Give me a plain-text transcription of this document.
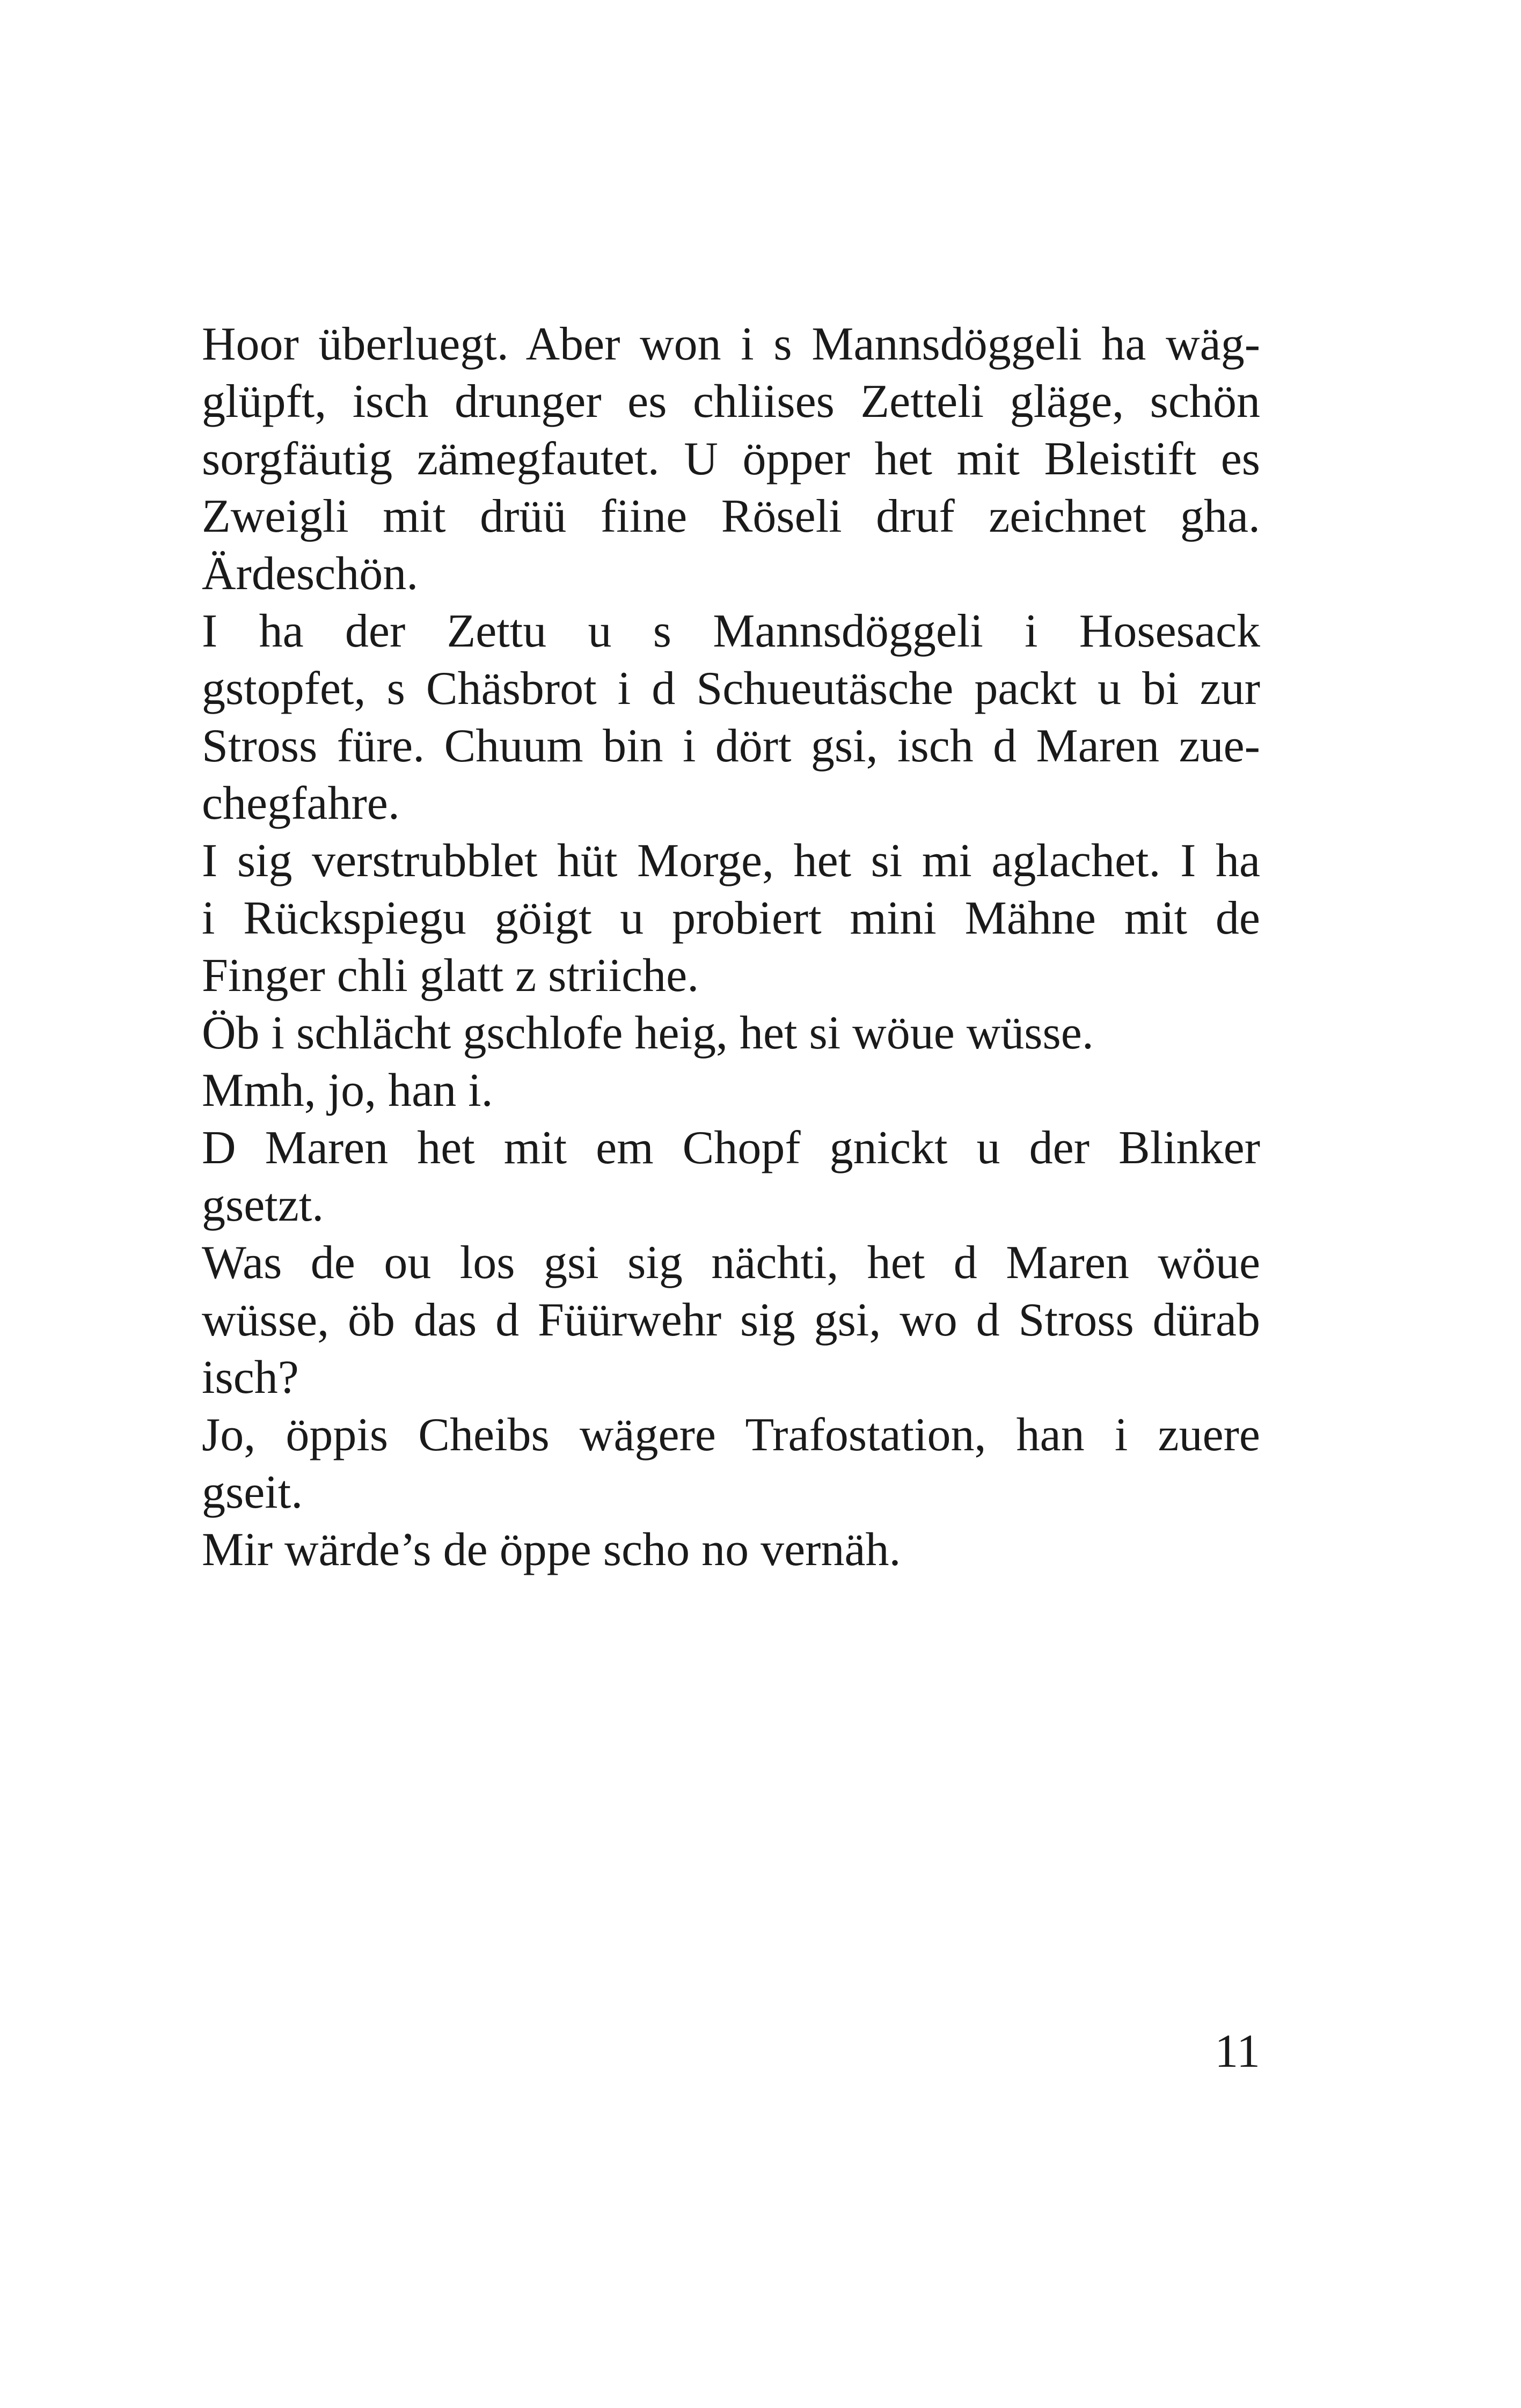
Hoor überluegt. Aber won i s Mannsdöggeli ha wäg-
glüpft, isch drunger es chliises Zetteli gläge, schön
sorgfäutig zämegfautet. U öpper het mit Bleistift es
Zweigli mit drüü fiine Röseli druf zeichnet gha.
Ärdeschön.
I ha der Zettu u s Mannsdöggeli i Hosesack
gstopfet, s Chäsbrot i d Schueutäsche packt u bi zur
Stross füre. Chuum bin i dört gsi, isch d Maren zue-
chegfahre.
I sig verstrubblet hüt Morge, het si mi aglachet. I ha
i Rückspiegu göigt u probiert mini Mähne mit de
Finger chli glatt z striiche.
Öb i schlächt gschlofe heig, het si wöue wüsse.
Mmh, jo, han i.
D Maren het mit em Chopf gnickt u der Blinker
gsetzt.
Was de ou los gsi sig nächti, het d Maren wöue
wüsse, öb das d Füürwehr sig gsi, wo d Stross dürab
isch?
Jo, öppis Cheibs wägere Trafostation, han i zuere
gseit.
Mir wärde’s de öppe scho no vernäh.
11
